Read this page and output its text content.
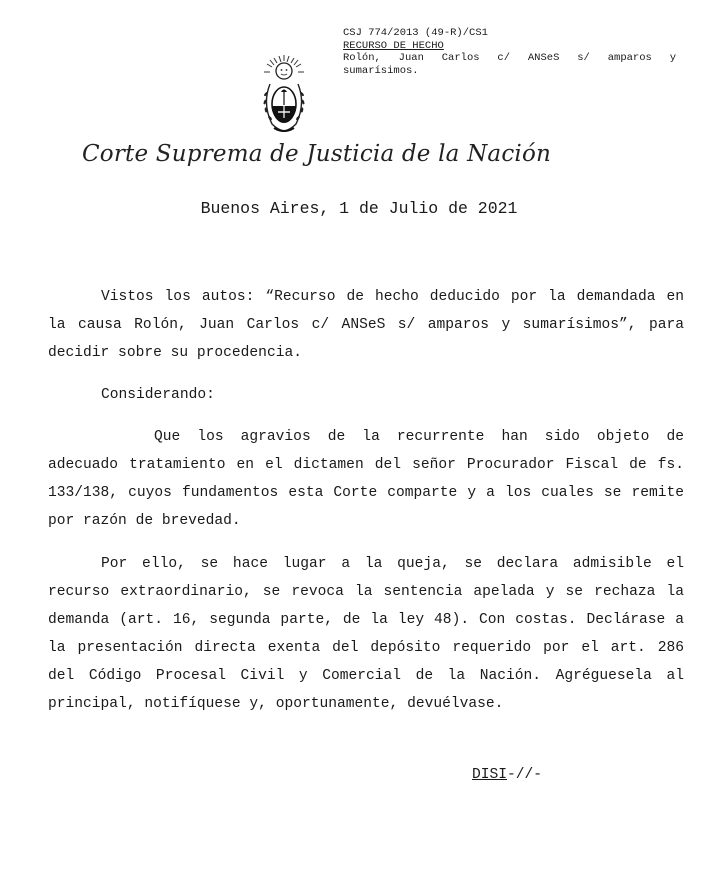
CSJ 774/2013 (49-R)/CS1
RECURSO DE HECHO
Rolón, Juan Carlos c/ ANSeS s/ amparos y
sumarísimos.
Corte Suprema de Justicia de la Nación
Buenos Aires, 1 de Julio de 2021

Vistos los autos: “Recurso de hecho deducido por la demandada en la causa Rolón, Juan Carlos c/ ANSeS s/ amparos y sumarísimos”, para decidir sobre su procedencia.

Considerando:

Que los agravios de la recurrente han sido objeto de adecuado tratamiento en el dictamen del señor Procurador Fiscal de fs. 133/138, cuyos fundamentos esta Corte comparte y a los cuales se remite por razón de brevedad.

Por ello, se hace lugar a la queja, se declara admisible el recurso extraordinario, se revoca la sentencia apelada y se rechaza la demanda (art. 16, segunda parte, de la ley 48). Con costas. Declárase a la presentación directa exenta del depósito requerido por el art. 286 del Código Procesal Civil y Comercial de la Nación. Agréguesela al principal, notifíquese y, oportunamente, devuélvase.

DISI-//-
